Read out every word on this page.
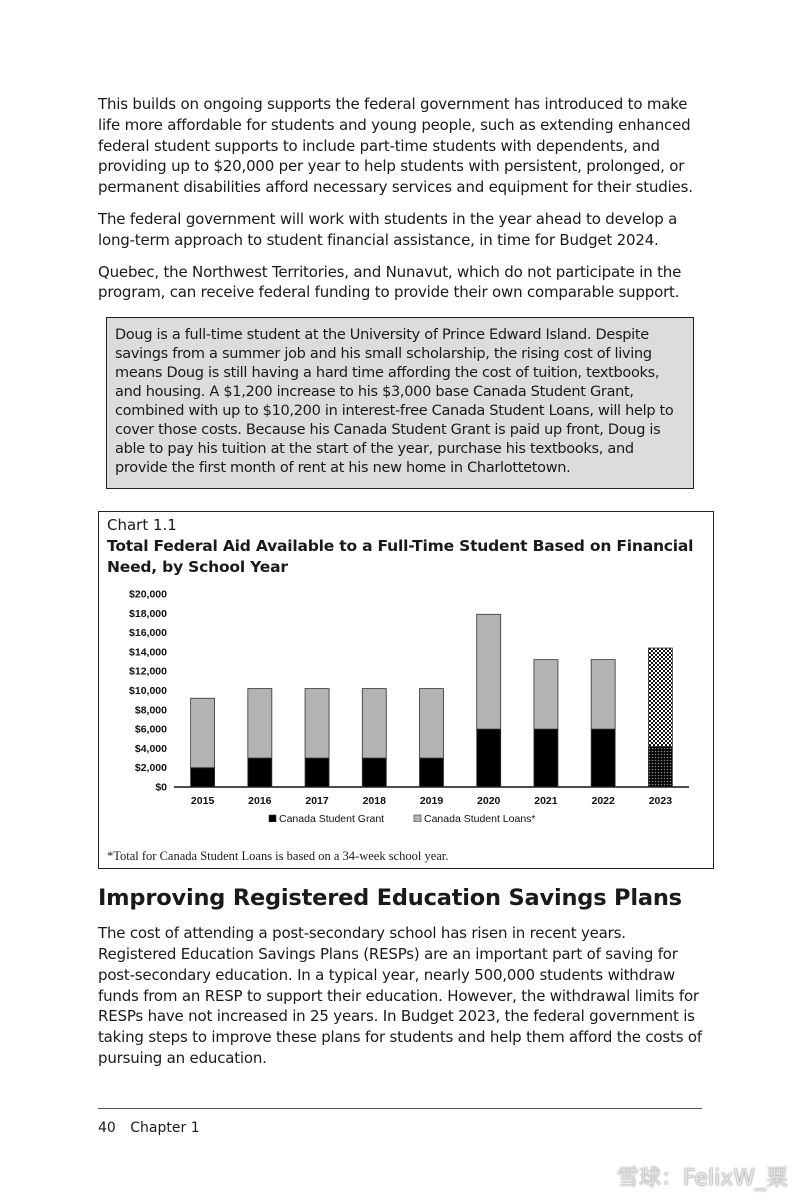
This builds on ongoing supports the federal government has introduced to make life more affordable for students and young people, such as extending enhanced federal student supports to include part-time students with dependents, and providing up to $20,000 per year to help students with persistent, prolonged, or permanent disabilities afford necessary services and equipment for their studies.

The federal government will work with students in the year ahead to develop a long-term approach to student financial assistance, in time for Budget 2024.

Quebec, the Northwest Territories, and Nunavut, which do not participate in the program, can receive federal funding to provide their own comparable support.

Doug is a full-time student at the University of Prince Edward Island. Despite savings from a summer job and his small scholarship, the rising cost of living means Doug is still having a hard time affording the cost of tuition, textbooks, and housing. A $1,200 increase to his $3,000 base Canada Student Grant, combined with up to $10,200 in interest-free Canada Student Loans, will help to cover those costs. Because his Canada Student Grant is paid up front, Doug is able to pay his tuition at the start of the year, purchase his textbooks, and provide the first month of rent at his new home in Charlottetown.
Chart 1.1
Total Federal Aid Available to a Full-Time Student Based on Financial Need, by School Year
$0
$2,000
$4,000
$6,000
$8,000
$10,000
$12,000
$14,000
$16,000
$18,000
$20,000
2015	2016	2017	2018	2019	2020	2021	2022	2023
Canada Student Grant	Canada Student Loans*
*Total for Canada Student Loans is based on a 34-week school year.
Improving Registered Education Savings Plans

The cost of attending a post-secondary school has risen in recent years. Registered Education Savings Plans (RESPs) are an important part of saving for post-secondary education. In a typical year, nearly 500,000 students withdraw funds from an RESP to support their education. However, the withdrawal limits for RESPs have not increased in 25 years. In Budget 2023, the federal government is taking steps to improve these plans for students and help them afford the costs of pursuing an education.

40 Chapter 1
雪球：FelixW_粟
